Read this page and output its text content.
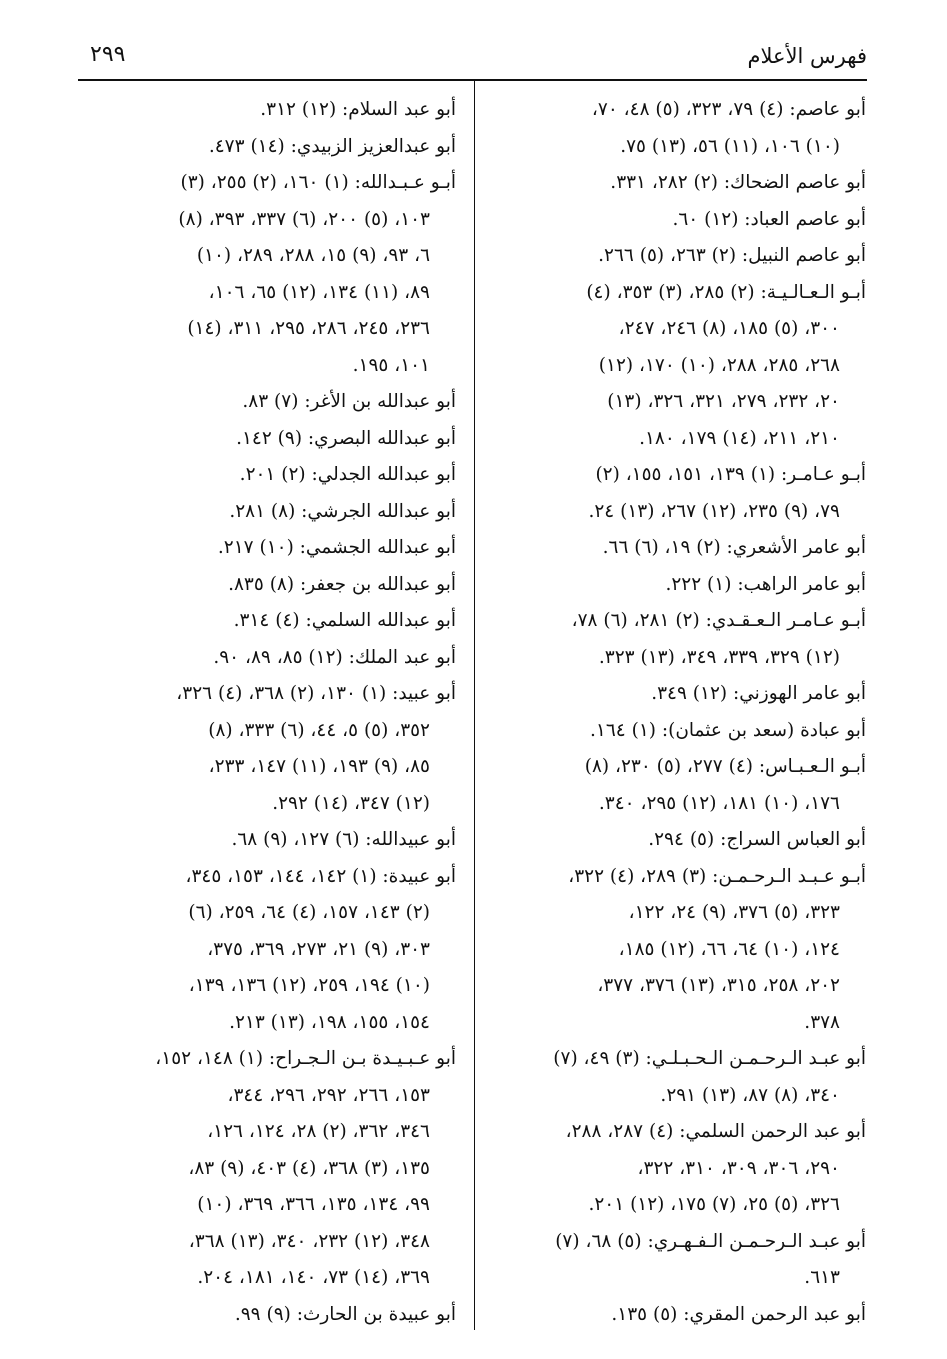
٢٩٩	فهرس الأعلام
أبو عاصم: (٤) ٧٩، ٣٢٣، (٥) ٤٨، ٧٠،
(١٠) ١٠٦، (١١) ٥٦، (١٣) ٧٥.
أبو عاصم الضحاك: (٢) ٢٨٢، ٣٣١.
أبو عاصم العباد: (١٢) ٦٠.
أبو عاصم النبيل: (٢) ٢٦٣، (٥) ٢٦٦.
أبـو الـعـالـيـة: (٢) ٢٨٥، (٣) ٣٥٣، (٤)
٣٠٠، (٥) ١٨٥، (٨) ٢٤٦، ٢٤٧،
٢٦٨، ٢٨٥، ٢٨٨، (١٠) ١٧٠، (١٢)
٢٠، ٢٣٢، ٢٧٩، ٣٢١، ٣٢٦، (١٣)
٢١٠، ٢١١، (١٤) ١٧٩، ١٨٠.
أبـو عـامـر: (١) ١٣٩، ١٥١، ١٥٥، (٢)
٧٩، (٩) ٢٣٥، (١٢) ٢٦٧، (١٣) ٢٤.
أبو عامر الأشعري: (٢) ١٩، (٦) ٦٦.
أبو عامر الراهب: (١) ٢٢٢.
أبـو عـامـر الـعـقـدي: (٢) ٢٨١، (٦) ٧٨،
(١٢) ٣٢٩، ٣٣٩، ٣٤٩، (١٣) ٣٢٣.
أبو عامر الهوزني: (١٢) ٣٤٩.
أبو عبادة (سعد بن عثمان): (١) ١٦٤.
أبـو الـعـبـاس: (٤) ٢٧٧، (٥) ٢٣٠، (٨)
١٧٦، (١٠) ١٨١، (١٢) ٢٩٥، ٣٤٠.
أبو العباس السراج: (٥) ٢٩٤.
أبـو عـبـد الـرحـمـن: (٣) ٢٨٩، (٤) ٣٢٢،
٣٢٣، (٥) ٣٧٦، (٩) ٢٤، ١٢٢،
١٢٤، (١٠) ٦٤، ٦٦، (١٢) ١٨٥،
٢٠٢، ٢٥٨، ٣١٥، (١٣) ٣٧٦، ٣٧٧،
٣٧٨.
أبو عبـد الـرحـمـن الـحـبـلـي: (٣) ٤٩، (٧)
٣٤٠، (٨) ٨٧، (١٣) ٢٩١.
أبو عبد الرحمن السلمي: (٤) ٢٨٧، ٢٨٨،
٢٩٠، ٣٠٦، ٣٠٩، ٣١٠، ٣٢٢،
٣٢٦، (٥) ٢٥، (٧) ١٧٥، (١٢) ٢٠١.
أبو عبـد الـرحـمـن الـفـهـري: (٥) ٦٨، (٧)
٦١٣.
أبو عبد الرحمن المقري: (٥) ١٣٥.
أبو عبد السلام: (١٢) ٣١٢.
أبو عبدالعزيز الزبيدي: (١٤) ٤٧٣.
أبـو عـبـدالله: (١) ١٦٠، (٢) ٢٥٥، (٣)
١٠٣، (٥) ٢٠٠، (٦) ٣٣٧، ٣٩٣، (٨)
٦، ٩٣، (٩) ١٥، ٢٨٨، ٢٨٩، (١٠)
٨٩، (١١) ١٣٤، (١٢) ٦٥، ١٠٦،
٢٣٦، ٢٤٥، ٢٨٦، ٢٩٥، ٣١١، (١٤)
١٠١، ١٩٥.
أبو عبدالله بن الأغر: (٧) ٨٣.
أبو عبدالله البصري: (٩) ١٤٢.
أبو عبدالله الجدلي: (٢) ٢٠١.
أبو عبدالله الجرشي: (٨) ٢٨١.
أبو عبدالله الجشمي: (١٠) ٢١٧.
أبو عبدالله بن جعفر: (٨) ٨٣٥.
أبو عبدالله السلمي: (٤) ٣١٤.
أبو عبد الملك: (١٢) ٨٥، ٨٩، ٩٠.
أبو عبيد: (١) ١٣٠، (٢) ٣٦٨، (٤) ٣٢٦،
٣٥٢، (٥) ٥، ٤٤، (٦) ٣٣٣، (٨)
٨٥، (٩) ١٩٣، (١١) ١٤٧، ٢٣٣،
(١٢) ٣٤٧، (١٤) ٢٩٢.
أبو عبيدالله: (٦) ١٢٧، (٩) ٦٨.
أبو عبيدة: (١) ١٤٢، ١٤٤، ١٥٣، ٣٤٥،
(٢) ١٤٣، ١٥٧، (٤) ٦٤، ٢٥٩، (٦)
٣٠٣، (٩) ٢١، ٢٧٣، ٣٦٩، ٣٧٥،
(١٠) ١٩٤، ٢٥٩، (١٢) ١٣٦، ١٣٩،
١٥٤، ١٥٥، ١٩٨، (١٣) ٢١٣.
أبو عـبـيـدة بـن الـجـراح: (١) ١٤٨، ١٥٢،
١٥٣، ٢٦٦، ٢٩٢، ٢٩٦، ٣٤٤،
٣٤٦، ٣٦٢، (٢) ٢٨، ١٢٤، ١٢٦،
١٣٥، (٣) ٣٦٨، (٤) ٤٠٣، (٩) ٨٣،
٩٩، ١٣٤، ١٣٥، ٣٦٦، ٣٦٩، (١٠)
٣٤٨، (١٢) ٢٣٢، ٣٤٠، (١٣) ٣٦٨،
٣٦٩، (١٤) ٧٣، ١٤٠، ١٨١، ٢٠٤.
أبو عبيدة بن الحارث: (٩) ٩٩.
